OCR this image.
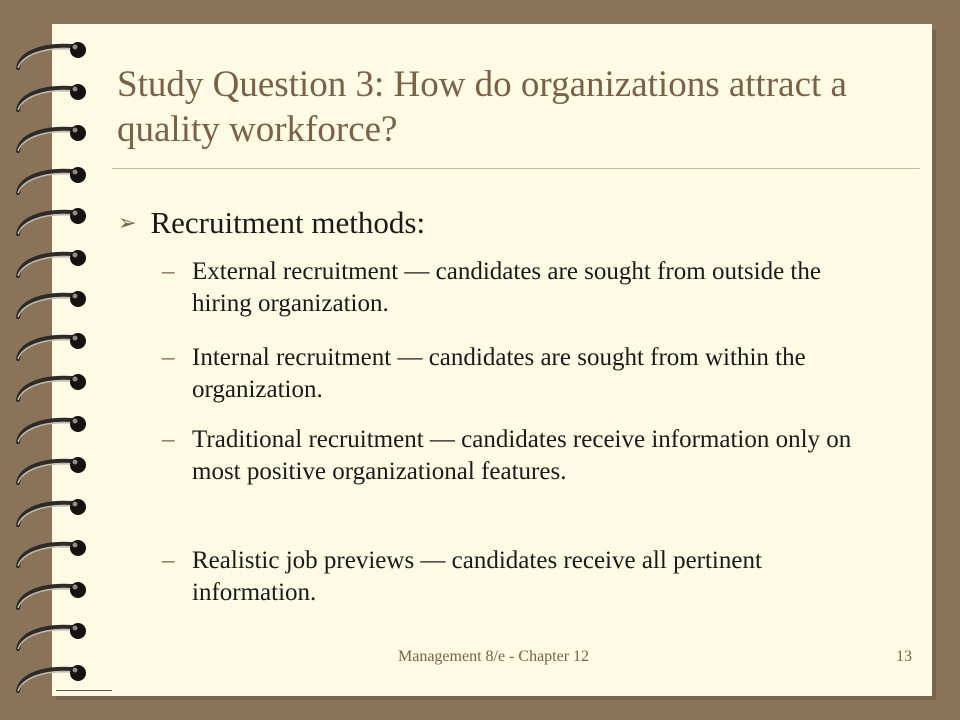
Study Question 3: How do organizations attract a quality workforce?
➢ Recruitment methods:
– External recruitment — candidates are sought from outside the hiring organization.
– Internal recruitment — candidates are sought from within the organization.
– Traditional recruitment — candidates receive information only on most positive organizational features.
– Realistic job previews — candidates receive all pertinent information.
Management 8/e - Chapter 12	13
